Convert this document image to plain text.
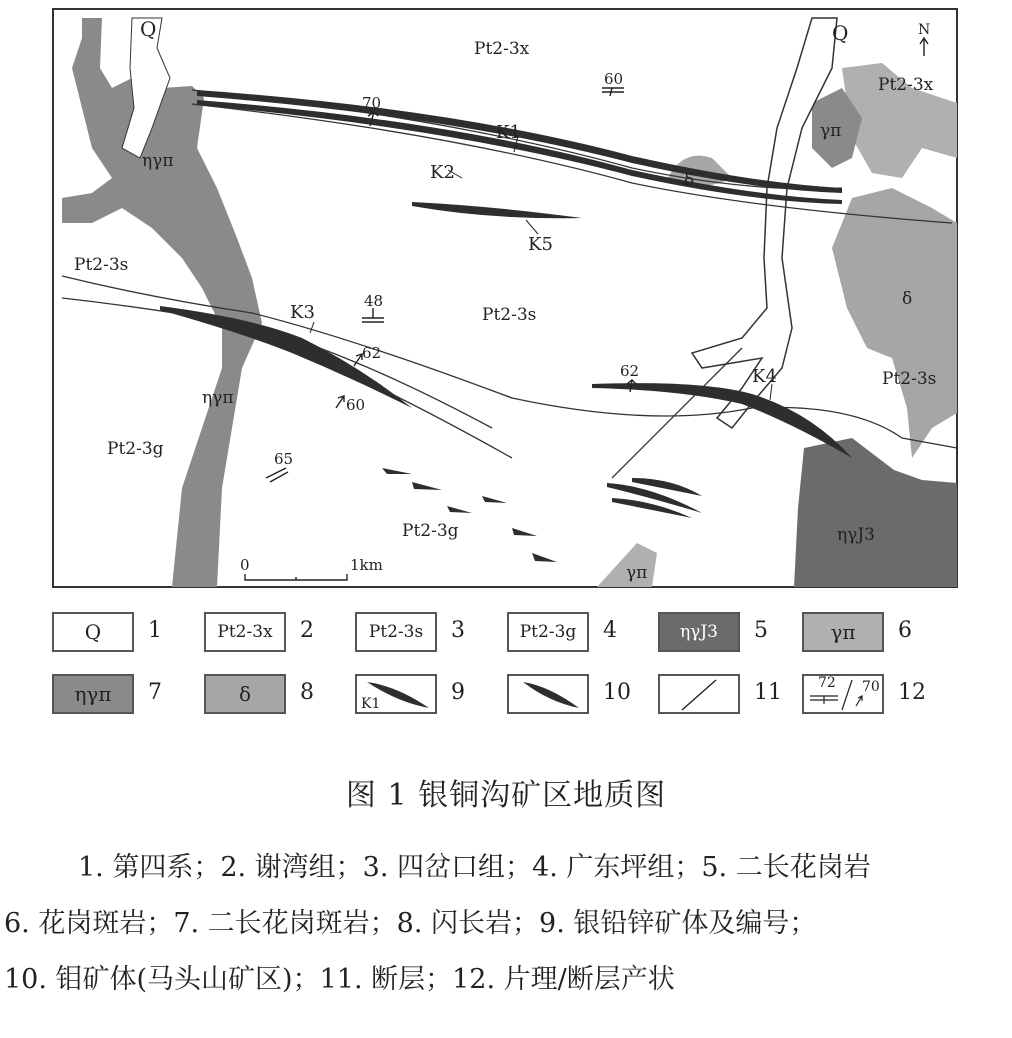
0	1km
N
Q	Q
Pt2-3x
Pt2-3x
Pt2-3s
Pt2-3s
Pt2-3s
Pt2-3g
Pt2-3g
ηγπ
ηγπ
γπ
γπ
δ
δ
ηγJ3
K1
K2
K3
K4
K5
60
70
48
62
60
65
62
Q	1	Pt2-3x	2	Pt2-3s	3	Pt2-3g	4	ηγJ3	5	γπ	6
ηγπ	7	δ	8	K1	9	10	11	72 70 12
图 1 银铜沟矿区地质图
1. 第四系；2. 谢湾组；3. 四岔口组；4. 广东坪组；5. 二长花岗岩
6. 花岗斑岩；7. 二长花岗斑岩；8. 闪长岩；9. 银铅锌矿体及编号；
10. 钼矿体(马头山矿区)；11. 断层；12. 片理/断层产状
